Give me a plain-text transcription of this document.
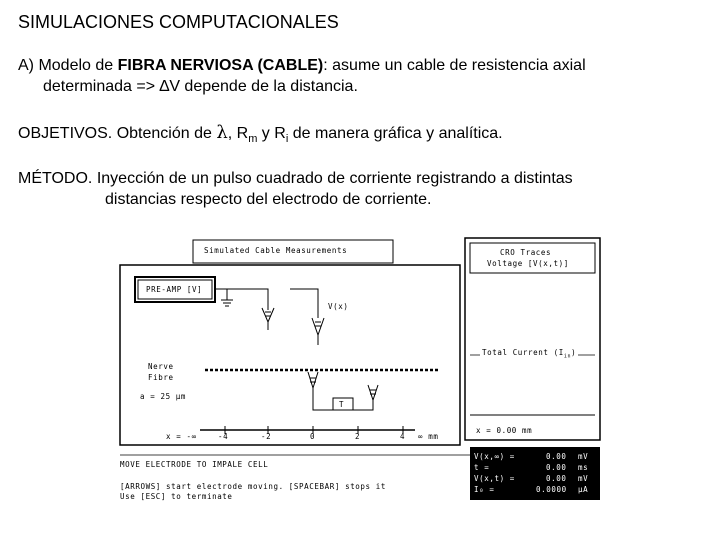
SIMULACIONES COMPUTACIONALES
A) Modelo de FIBRA NERVIOSA (CABLE): asume un cable de resistencia axial
determinada => ∆V depende de la distancia.
OBJETIVOS. Obtención de λ, $R_m$ y $R_i$ de manera gráfica y analítica.
MÉTODO. Inyección de un pulso cuadrado de corriente registrando a distintas
distancias respecto del electrodo de corriente.
Simulated Cable Measurements
PRE-AMP [V]
V(x)
Nerve
Fibre
a = 25 μm
T
x = -∞	-4	-2	0	2	4 ∞ mm
CRO Traces
Voltage [V(x,t)]
Total Current $(I_{in})$
x = 0.00 mm
MOVE ELECTRODE TO IMPALE CELL
[ARROWS] start electrode moving. [SPACEBAR] stops it
Use [ESC] to terminate
V(x,∞) =	0.00 mV
t =	0.00 ms
V(x,t) =	0.00 mV
I₀ =	0.0000 μA
